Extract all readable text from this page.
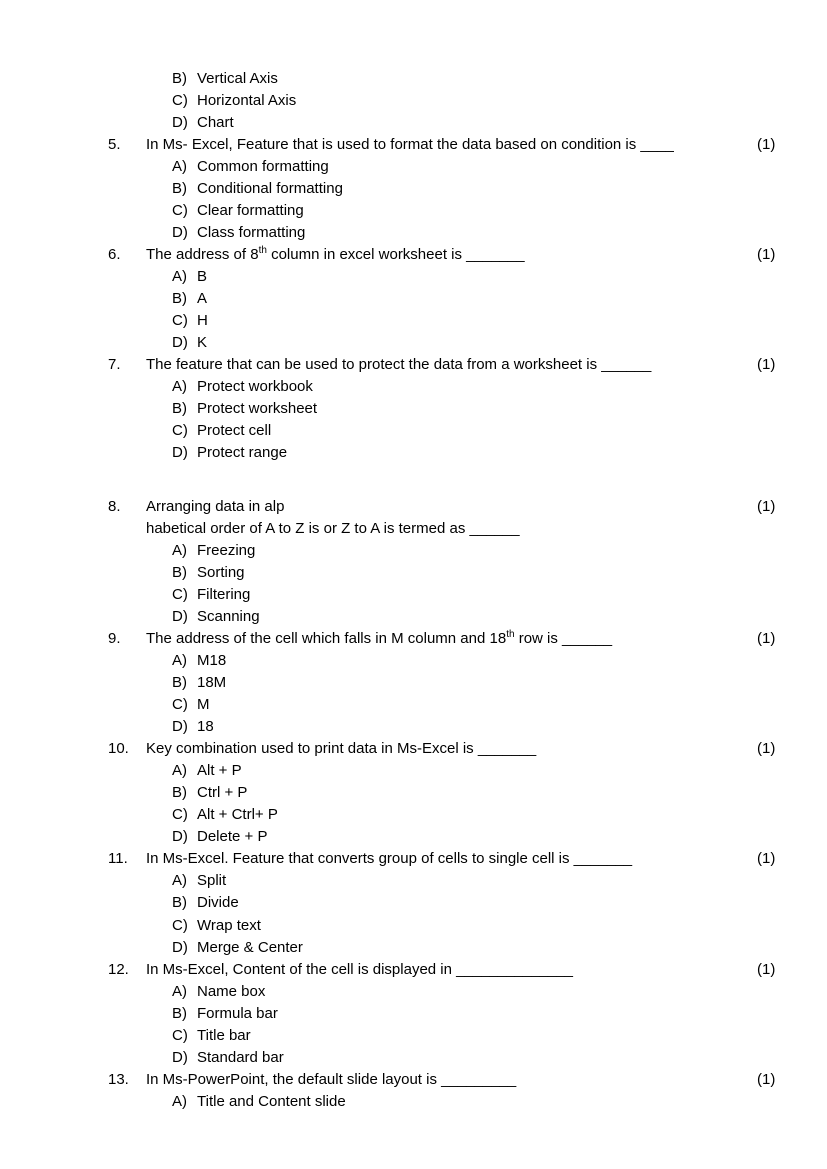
B) Vertical Axis
C) Horizontal Axis
D) Chart
5. In Ms- Excel, Feature that is used to format the data based on condition is ____	(1)
A) Common formatting
B) Conditional formatting
C) Clear formatting
D) Class formatting
6. The address of 8th column in excel worksheet is _______	(1)
A) B
B) A
C) H
D) K
7. The feature that can be used to protect the data from a worksheet is ______	(1)
A) Protect workbook
B) Protect worksheet
C) Protect cell
D) Protect range
8. Arranging data in alp	(1)
habetical order of A to Z is or Z to A is termed as ______
A) Freezing
B) Sorting
C) Filtering
D) Scanning
9. The address of the cell which falls in M column and 18th row is ______	(1)
A) M18
B) 18M
C) M
D) 18
10. Key combination used to print data in Ms-Excel is _______	(1)
A) Alt + P
B) Ctrl + P
C) Alt + Ctrl+ P
D) Delete + P
11. In Ms-Excel. Feature that converts group of cells to single cell is _______	(1)
A) Split
B) Divide
C) Wrap text
D) Merge & Center
12. In Ms-Excel, Content of the cell is displayed in ______________	(1)
A) Name box
B) Formula bar
C) Title bar
D) Standard bar
13. In Ms-PowerPoint, the default slide layout is _________	(1)
A) Title and Content slide
